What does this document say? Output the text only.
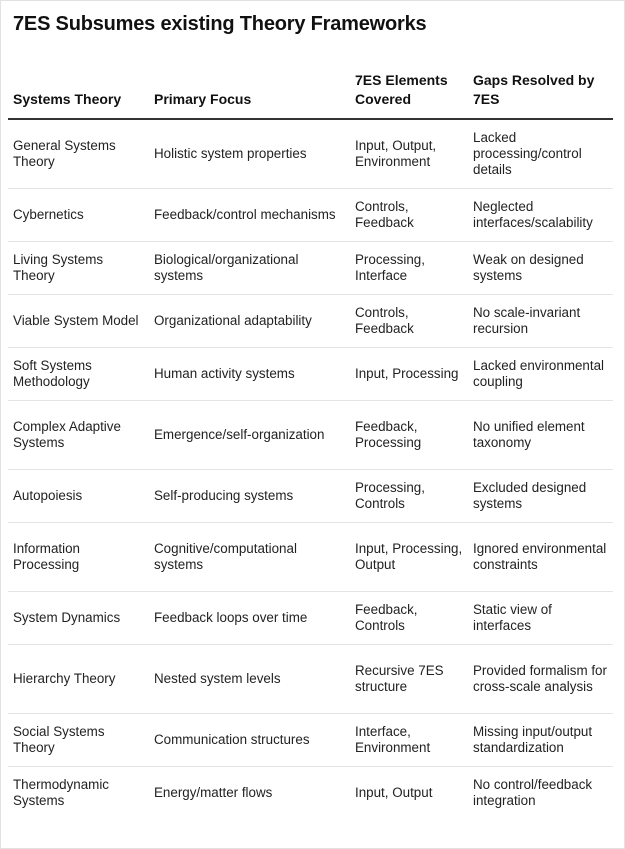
7ES Subsumes existing Theory Frameworks
Systems Theory	Primary Focus	7ES Elements Covered	Gaps Resolved by 7ES
General Systems Theory	Holistic system properties	Input, Output, Environment	Lacked processing/control details
Cybernetics	Feedback/control mechanisms	Controls, Feedback	Neglected interfaces/scalability
Living Systems Theory	Biological/organizational systems	Processing, Interface	Weak on designed systems
Viable System Model	Organizational adaptability	Controls, Feedback	No scale-invariant recursion
Soft Systems Methodology	Human activity systems	Input, Processing	Lacked environmental coupling
Complex Adaptive Systems	Emergence/self-organization	Feedback, Processing	No unified element taxonomy
Autopoiesis	Self-producing systems	Processing, Controls	Excluded designed systems
Information Processing	Cognitive/computational systems	Input, Processing, Output	Ignored environmental constraints
System Dynamics	Feedback loops over time	Feedback, Controls	Static view of interfaces
Hierarchy Theory	Nested system levels	Recursive 7ES structure	Provided formalism for cross-scale analysis
Social Systems Theory	Communication structures	Interface, Environment	Missing input/output standardization
Thermodynamic Systems	Energy/matter flows	Input, Output	No control/feedback integration
